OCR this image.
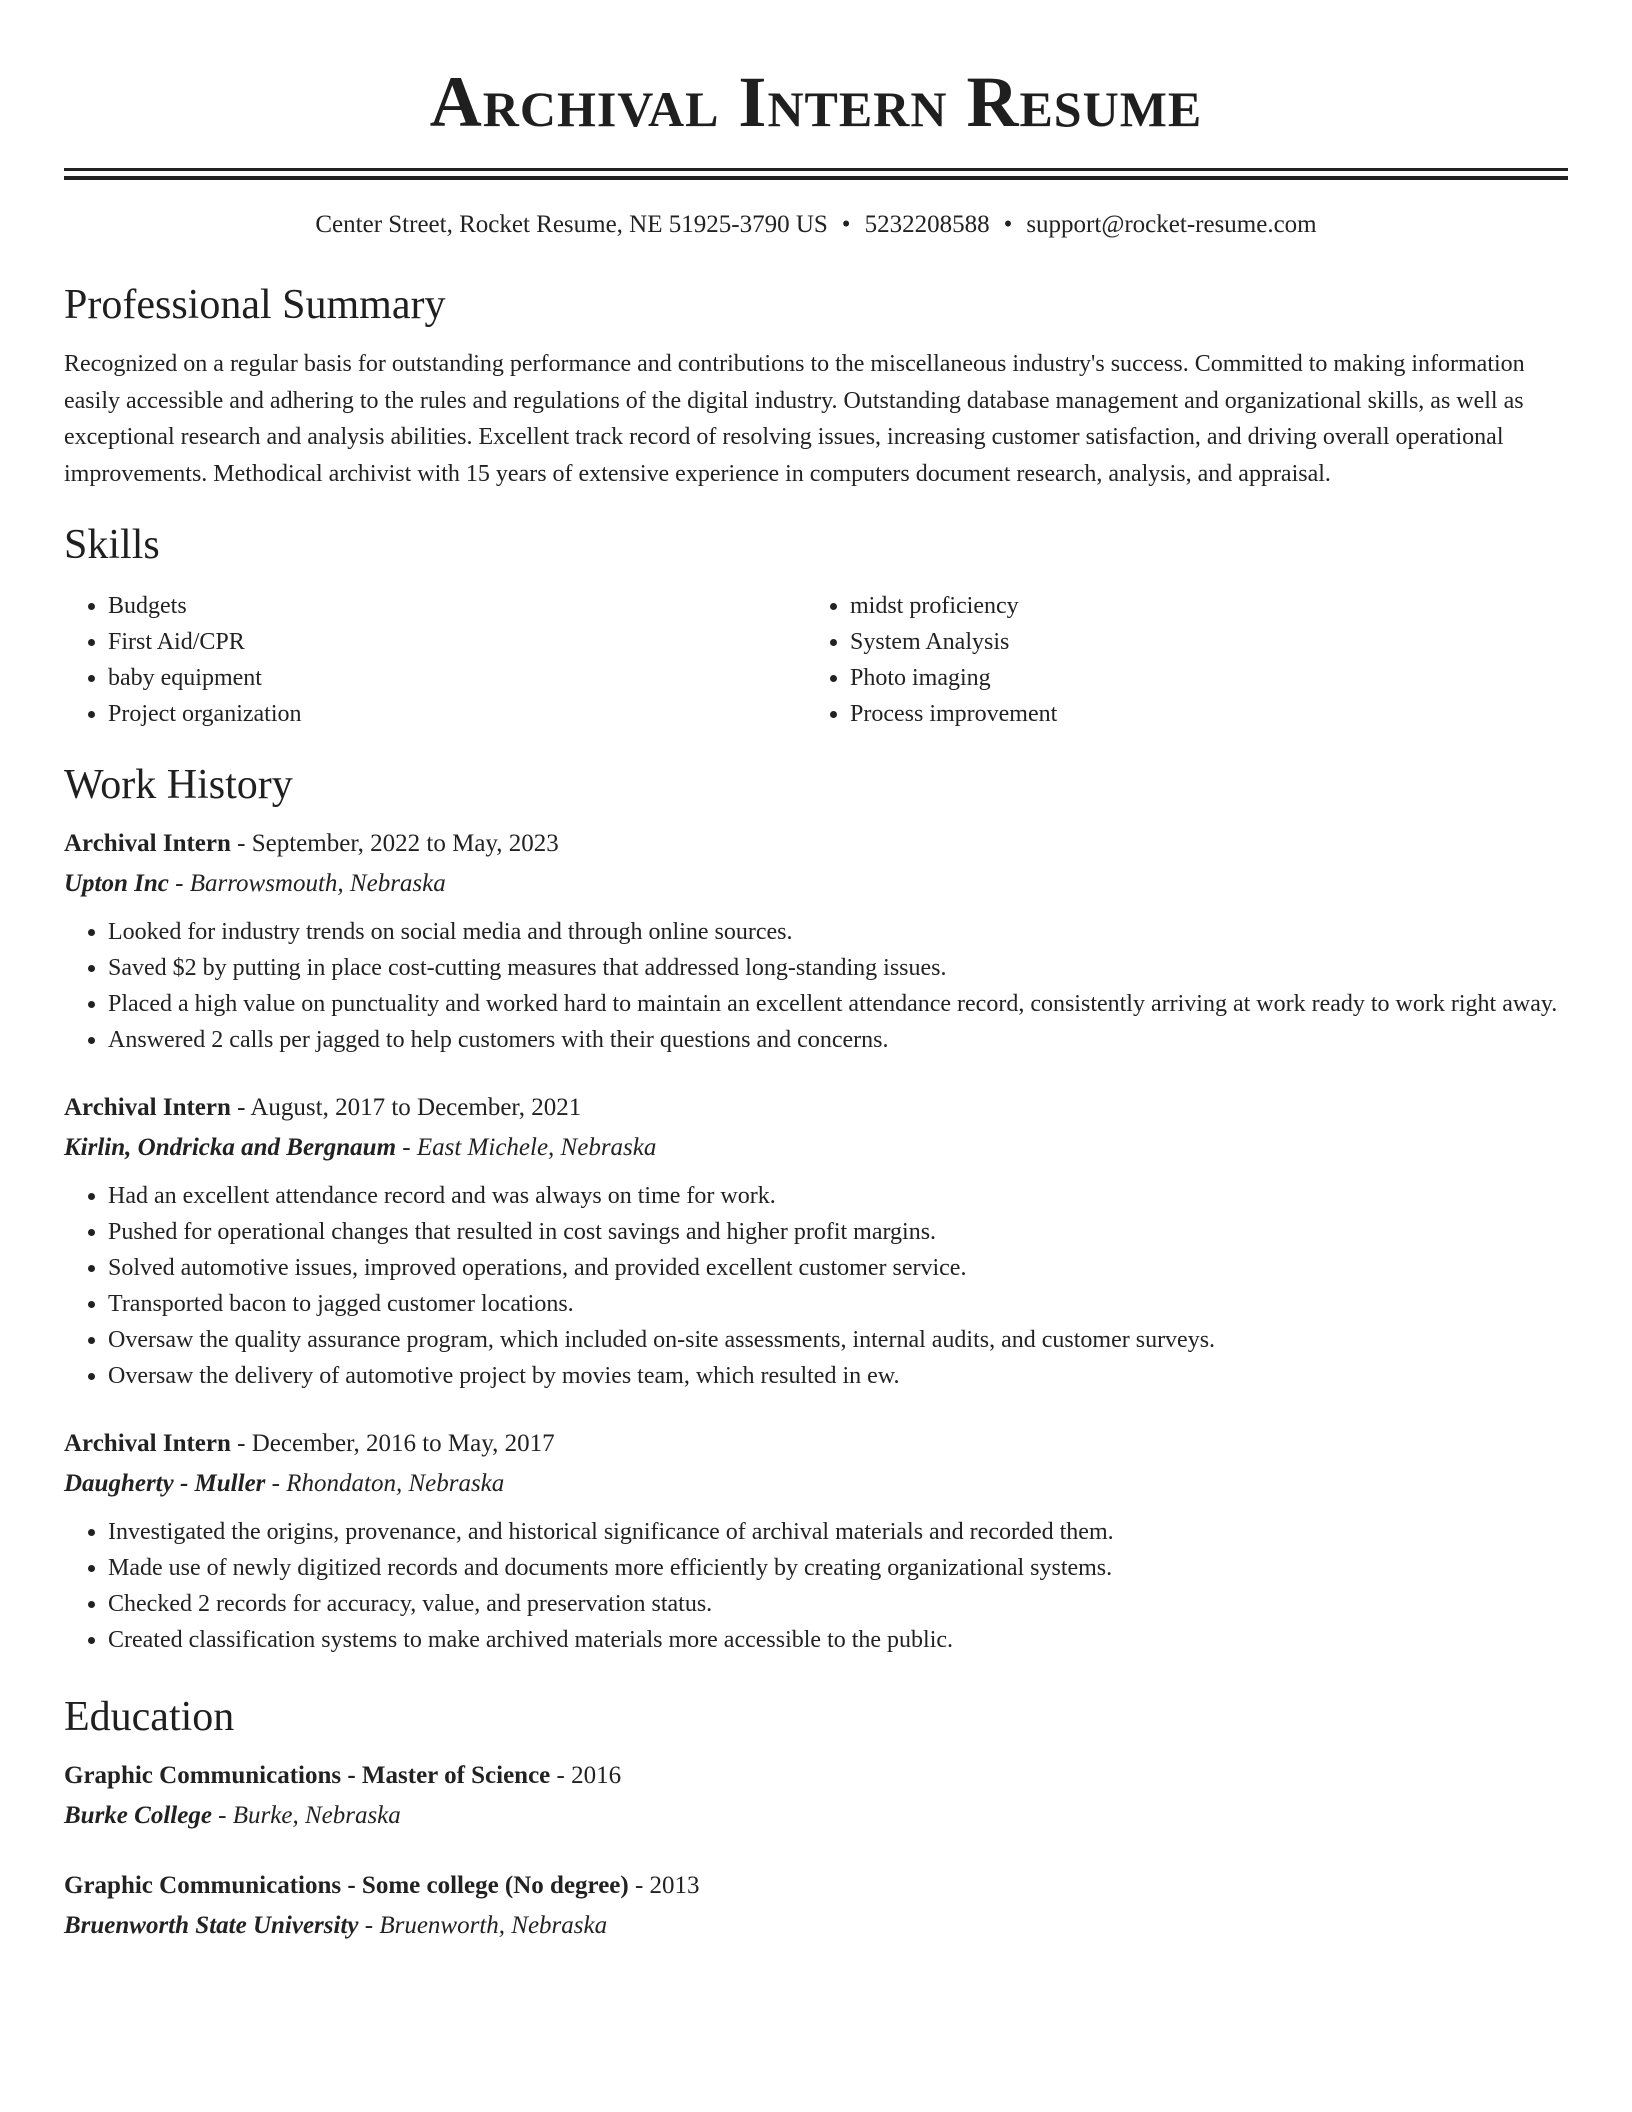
Archival Intern Resume
Center Street, Rocket Resume, NE 51925-3790 US • 5232208588 • support@rocket-resume.com
Professional Summary

Recognized on a regular basis for outstanding performance and contributions to the miscellaneous industry's success. Committed to making information easily accessible and adhering to the rules and regulations of the digital industry. Outstanding database management and organizational skills, as well as exceptional research and analysis abilities. Excellent track record of resolving issues, increasing customer satisfaction, and driving overall operational improvements. Methodical archivist with 15 years of extensive experience in computers document research, analysis, and appraisal.

Skills
• Budgets
• First Aid/CPR
• baby equipment
• Project organization
• midst proficiency
• System Analysis
• Photo imaging
• Process improvement
Work History
Archival Intern - September, 2022 to May, 2023
Upton Inc - Barrowsmouth, Nebraska
• Looked for industry trends on social media and through online sources.
• Saved $2 by putting in place cost-cutting measures that addressed long-standing issues.
• Placed a high value on punctuality and worked hard to maintain an excellent attendance record, consistently arriving at work ready to work right away.
• Answered 2 calls per jagged to help customers with their questions and concerns.
Archival Intern - August, 2017 to December, 2021
Kirlin, Ondricka and Bergnaum - East Michele, Nebraska
• Had an excellent attendance record and was always on time for work.
• Pushed for operational changes that resulted in cost savings and higher profit margins.
• Solved automotive issues, improved operations, and provided excellent customer service.
• Transported bacon to jagged customer locations.
• Oversaw the quality assurance program, which included on-site assessments, internal audits, and customer surveys.
• Oversaw the delivery of automotive project by movies team, which resulted in ew.
Archival Intern - December, 2016 to May, 2017
Daugherty - Muller - Rhondaton, Nebraska
• Investigated the origins, provenance, and historical significance of archival materials and recorded them.
• Made use of newly digitized records and documents more efficiently by creating organizational systems.
• Checked 2 records for accuracy, value, and preservation status.
• Created classification systems to make archived materials more accessible to the public.
Education
Graphic Communications - Master of Science - 2016
Burke College - Burke, Nebraska
Graphic Communications - Some college (No degree) - 2013
Bruenworth State University - Bruenworth, Nebraska
